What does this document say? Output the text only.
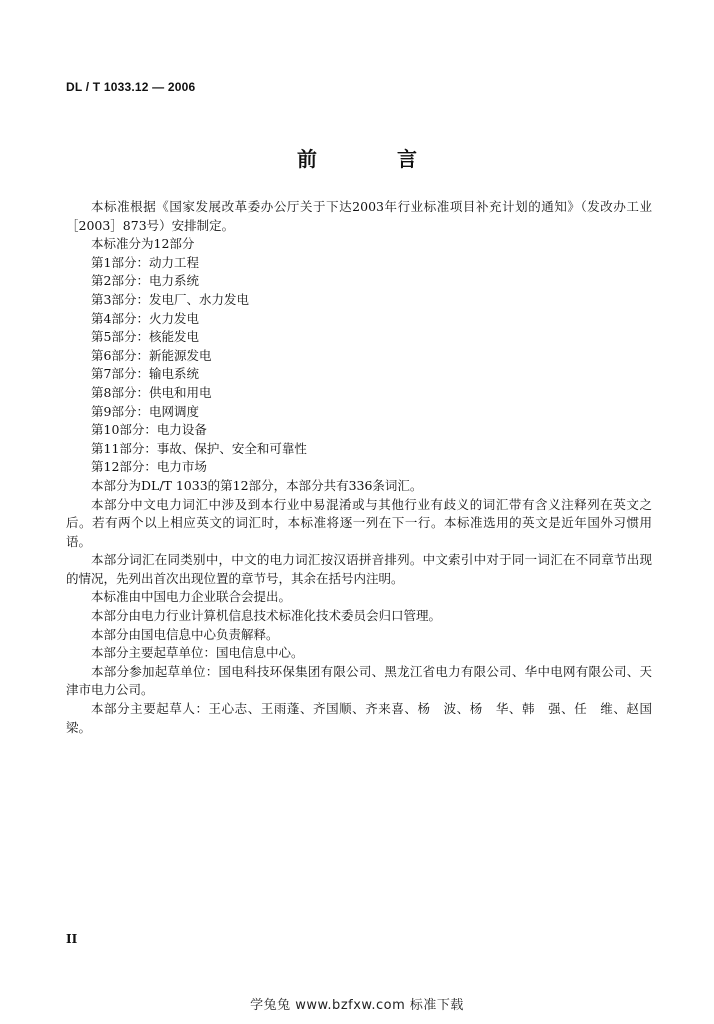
DL / T 1033.12 — 2006
前　言

本标准根据《国家发展改革委办公厅关于下达2003年行业标准项目补充计划的通知》（发改办工业［2003］873号）安排制定。

本标准分为12部分

第1部分：动力工程
第2部分：电力系统
第3部分：发电厂、水力发电
第4部分：火力发电
第5部分：核能发电
第6部分：新能源发电
第7部分：输电系统
第8部分：供电和用电
第9部分：电网调度
第10部分：电力设备
第11部分：事故、保护、安全和可靠性
第12部分：电力市场

本部分为DL/T 1033的第12部分，本部分共有336条词汇。

本部分中文电力词汇中涉及到本行业中易混淆或与其他行业有歧义的词汇带有含义注释列在英文之后。若有两个以上相应英文的词汇时，本标准将逐一列在下一行。本标准选用的英文是近年国外习惯用语。

本部分词汇在同类别中，中文的电力词汇按汉语拼音排列。中文索引中对于同一词汇在不同章节出现的情况，先列出首次出现位置的章节号，其余在括号内注明。

本标准由中国电力企业联合会提出。

本部分由电力行业计算机信息技术标准化技术委员会归口管理。

本部分由国电信息中心负责解释。

本部分主要起草单位：国电信息中心。

本部分参加起草单位：国电科技环保集团有限公司、黑龙江省电力有限公司、华中电网有限公司、天津市电力公司。

本部分主要起草人：王心志、王雨蓬、齐国顺、齐来喜、杨　波、杨　华、韩　强、任　维、赵国梁。

II
学兔兔 www.bzfxw.com 标准下载
